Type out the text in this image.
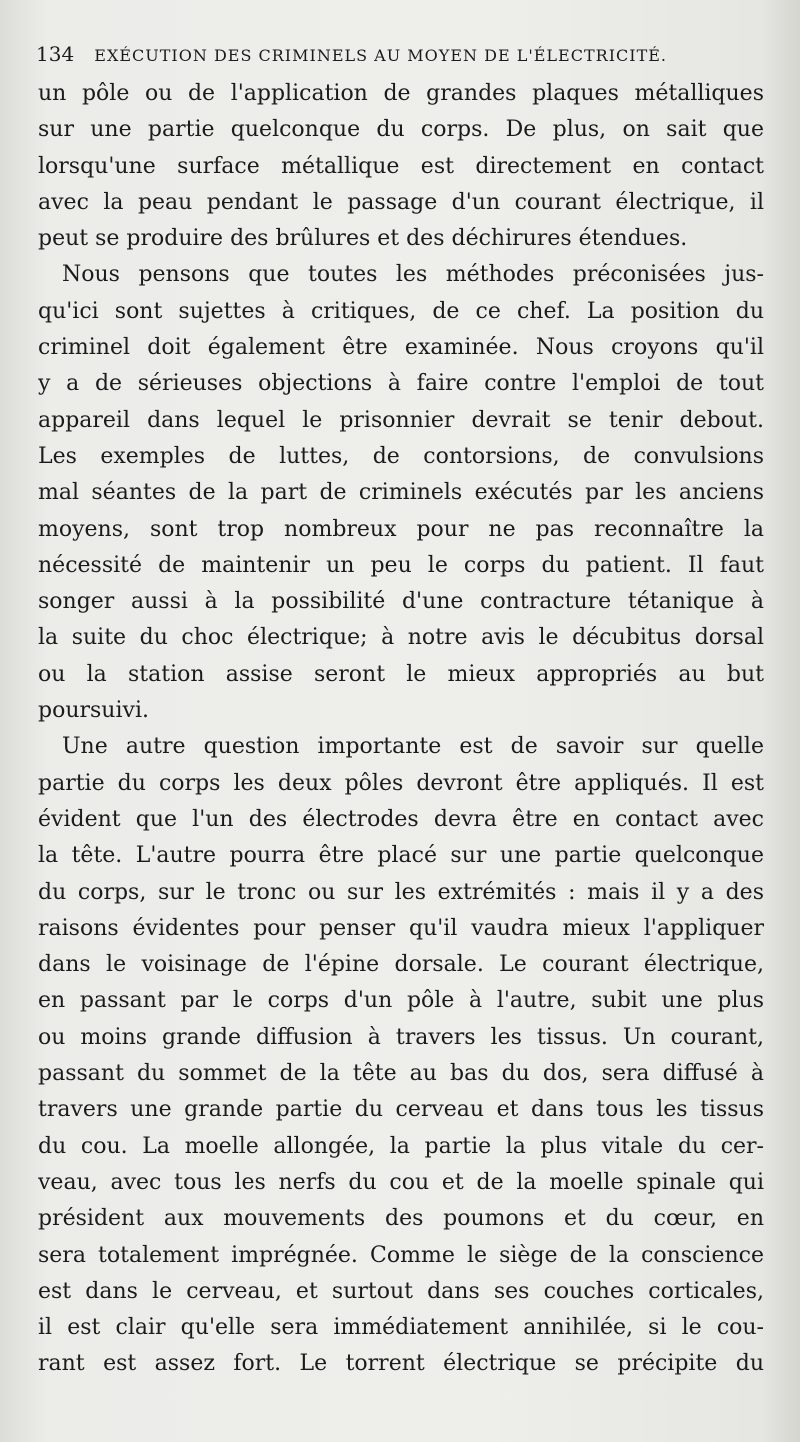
134 EXÉCUTION DES CRIMINELS AU MOYEN DE L'ÉLECTRICITÉ.
un pôle ou de l'application de grandes plaques métalliques
sur une partie quelconque du corps. De plus, on sait que
lorsqu'une surface métallique est directement en contact
avec la peau pendant le passage d'un courant électrique, il
peut se produire des brûlures et des déchirures étendues.
Nous pensons que toutes les méthodes préconisées jus-
qu'ici sont sujettes à critiques, de ce chef. La position du
criminel doit également être examinée. Nous croyons qu'il
y a de sérieuses objections à faire contre l'emploi de tout
appareil dans lequel le prisonnier devrait se tenir debout.
Les exemples de luttes, de contorsions, de convulsions
mal séantes de la part de criminels exécutés par les anciens
moyens, sont trop nombreux pour ne pas reconnaître la
nécessité de maintenir un peu le corps du patient. Il faut
songer aussi à la possibilité d'une contracture tétanique à
la suite du choc électrique; à notre avis le décubitus dorsal
ou la station assise seront le mieux appropriés au but
poursuivi.
Une autre question importante est de savoir sur quelle
partie du corps les deux pôles devront être appliqués. Il est
évident que l'un des électrodes devra être en contact avec
la tête. L'autre pourra être placé sur une partie quelconque
du corps, sur le tronc ou sur les extrémités : mais il y a des
raisons évidentes pour penser qu'il vaudra mieux l'appliquer
dans le voisinage de l'épine dorsale. Le courant électrique,
en passant par le corps d'un pôle à l'autre, subit une plus
ou moins grande diffusion à travers les tissus. Un courant,
passant du sommet de la tête au bas du dos, sera diffusé à
travers une grande partie du cerveau et dans tous les tissus
du cou. La moelle allongée, la partie la plus vitale du cer-
veau, avec tous les nerfs du cou et de la moelle spinale qui
président aux mouvements des poumons et du cœur, en
sera totalement imprégnée. Comme le siège de la conscience
est dans le cerveau, et surtout dans ses couches corticales,
il est clair qu'elle sera immédiatement annihilée, si le cou-
rant est assez fort. Le torrent électrique se précipite du
